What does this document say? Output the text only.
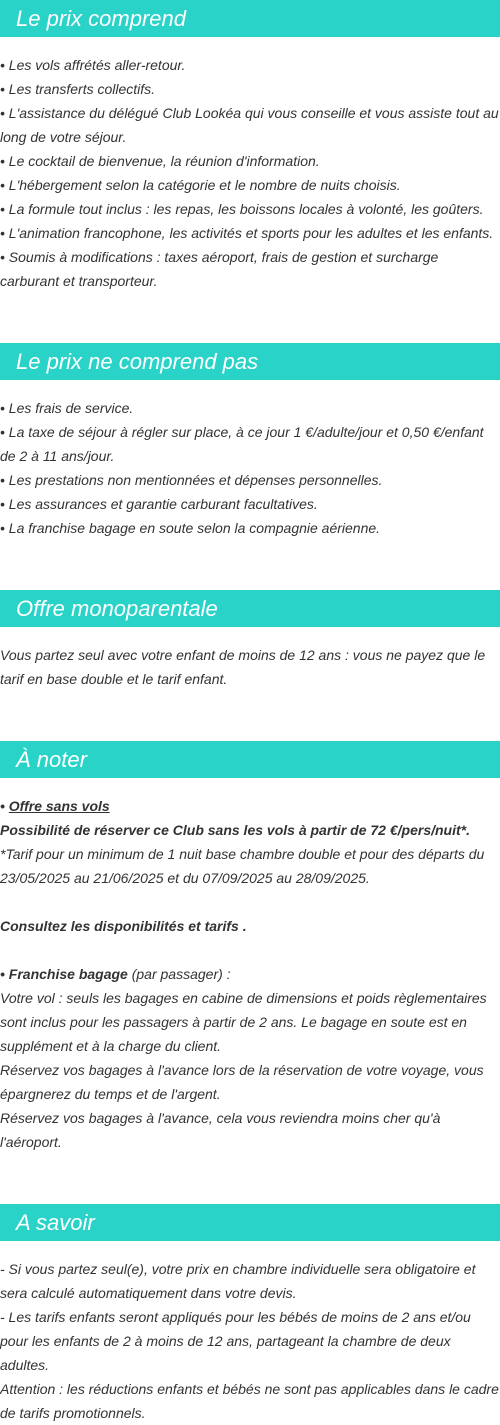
Le prix comprend

• Les vols affrétés aller-retour.

• Les transferts collectifs.

• L'assistance du délégué Club Lookéa qui vous conseille et vous assiste tout au long de votre séjour.

• Le cocktail de bienvenue, la réunion d'information.

• L'hébergement selon la catégorie et le nombre de nuits choisis.

• La formule tout inclus : les repas, les boissons locales à volonté, les goûters.

• L'animation francophone, les activités et sports pour les adultes et les enfants.

• Soumis à modifications : taxes aéroport, frais de gestion et surcharge carburant et transporteur.

Le prix ne comprend pas

• Les frais de service.

• La taxe de séjour à régler sur place, à ce jour 1 €/adulte/jour et 0,50 €/enfant de 2 à 11 ans/jour.

• Les prestations non mentionnées et dépenses personnelles.

• Les assurances et garantie carburant facultatives.

• La franchise bagage en soute selon la compagnie aérienne.

Offre monoparentale

Vous partez seul avec votre enfant de moins de 12 ans : vous ne payez que le tarif en base double et le tarif enfant.

À noter

• Offre sans vols

Possibilité de réserver ce Club sans les vols à partir de 72 €/pers/nuit*.

*Tarif pour un minimum de 1 nuit base chambre double et pour des départs du 23/05/2025 au 21/06/2025 et du 07/09/2025 au 28/09/2025.

Consultez les disponibilités et tarifs .

• Franchise bagage (par passager) :

Votre vol : seuls les bagages en cabine de dimensions et poids règlementaires sont inclus pour les passagers à partir de 2 ans. Le bagage en soute est en supplément et à la charge du client.

Réservez vos bagages à l'avance lors de la réservation de votre voyage, vous épargnerez du temps et de l'argent.

Réservez vos bagages à l'avance, cela vous reviendra moins cher qu'à l'aéroport.

A savoir

- Si vous partez seul(e), votre prix en chambre individuelle sera obligatoire et sera calculé automatiquement dans votre devis.

- Les tarifs enfants seront appliqués pour les bébés de moins de 2 ans et/ou pour les enfants de 2 à moins de 12 ans, partageant la chambre de deux adultes.

Attention : les réductions enfants et bébés ne sont pas applicables dans le cadre de tarifs promotionnels.
